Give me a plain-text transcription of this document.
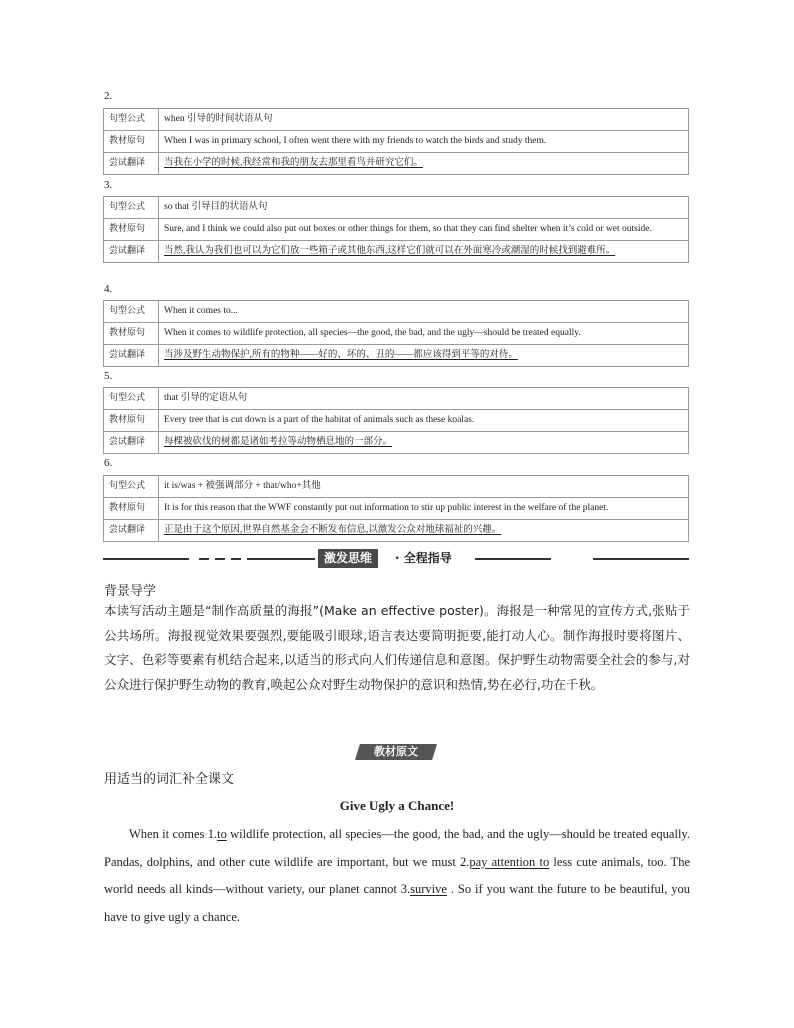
2.
句型公式	when 引导的时间状语从句
教材原句	When I was in primary school, I often went there with my friends to watch the birds and study them.
尝试翻译	当我在小学的时候,我经常和我的朋友去那里看鸟并研究它们。
3.
句型公式	so that 引导目的状语从句
教材原句	Sure, and I think we could also put out boxes or other things for them, so that they can find shelter when it’s cold or wet outside.
尝试翻译	当然,我认为我们也可以为它们放一些箱子或其他东西,这样它们就可以在外面寒冷或潮湿的时候找到避难所。
4.
句型公式	When it comes to...
教材原句	When it comes to wildlife protection, all species—the good, the bad, and the ugly—should be treated equally.
尝试翻译	当涉及野生动物保护,所有的物种——好的、坏的、丑的——都应该得到平等的对待。
5.
句型公式	that 引导的定语从句
教材原句	Every tree that is cut down is a part of the habitat of animals such as these koalas.
尝试翻译	每棵被砍伐的树都是诸如考拉等动物栖息地的一部分。
6.
句型公式	it is/was + 被强调部分 + that/who+其他
教材原句	It is for this reason that the WWF constantly put out information to stir up public interest in the welfare of the planet.
尝试翻译	正是由于这个原因,世界自然基金会不断发布信息,以激发公众对地球福祉的兴趣。
激发思维	· 全程指导
背景导学

本读写活动主题是“制作高质量的海报”(Make an effective poster)。海报是一种常见的宣传方式,张贴于公共场所。海报视觉效果要强烈,要能吸引眼球,语言表达要简明扼要,能打动人心。制作海报时要将图片、文字、色彩等要素有机结合起来,以适当的形式向人们传递信息和意图。保护野生动物需要全社会的参与,对公众进行保护野生动物的教育,唤起公众对野生动物保护的意识和热情,势在必行,功在千秋。

教材原文
用适当的词汇补全课文
Give Ugly a Chance!

  When it comes 1.to wildlife protection, all species—the good, the bad, and the ugly—should be treated equally. Pandas, dolphins, and other cute wildlife are important, but we must 2.pay attention to less cute animals, too. The world needs all kinds—without variety, our planet cannot 3.survive . So if you want the future to be beautiful, you have to give ugly a chance.
